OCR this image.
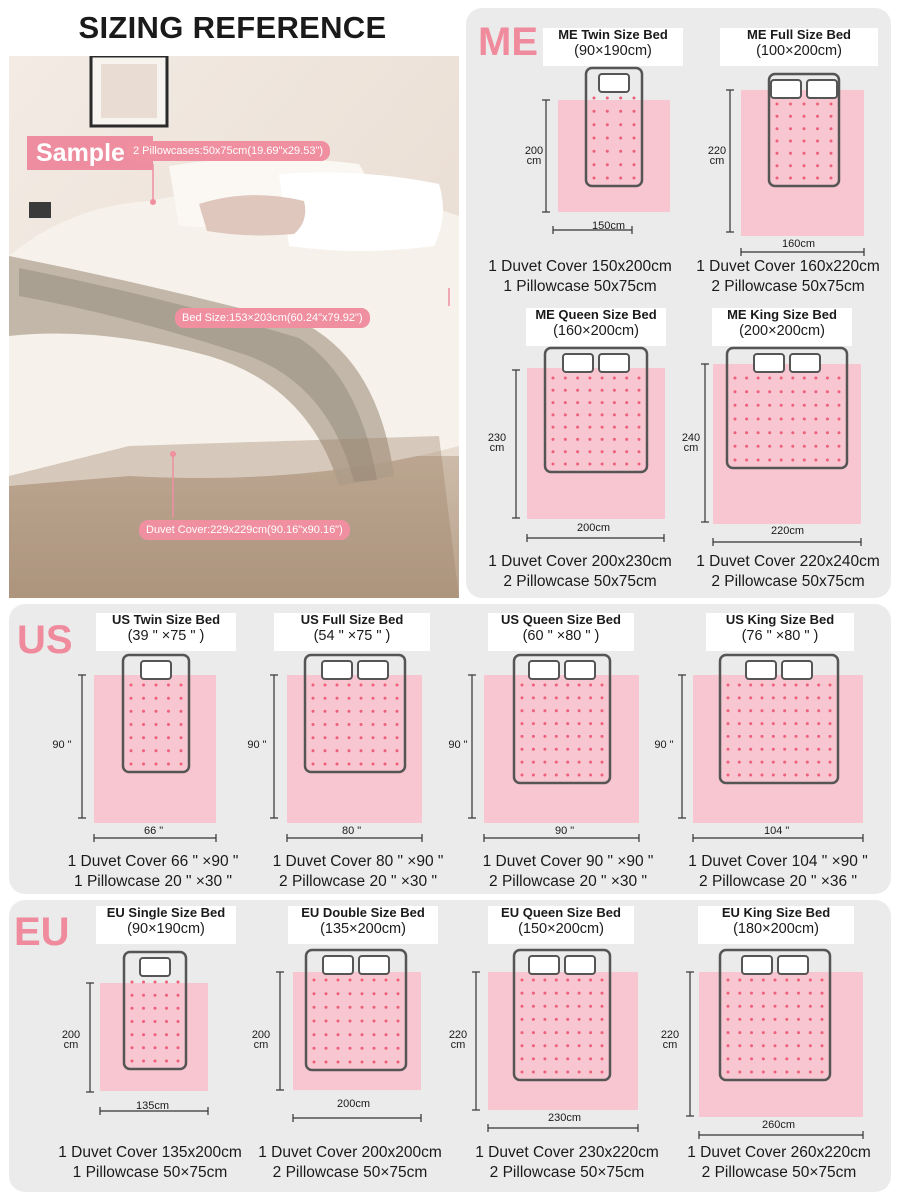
SIZING REFERENCE
Sample 2 Pillowcases:50x75cm(19.69"x29.53")
Bed Size:153×203cm(60.24"x79.92")
Duvet Cover:229x229cm(90.16"x90.16")
ME
US
EU
ME Twin Size Bed
(90×190cm)
200
cm
150cm
1 Duvet Cover 150x200cm
1 Pillowcase 50x75cm
ME Full Size Bed
(100×200cm)
220
cm
160cm
1 Duvet Cover 160x220cm
2 Pillowcase 50x75cm
ME Queen Size Bed
(160×200cm)
230
cm
200cm
1 Duvet Cover 200x230cm
2 Pillowcase 50x75cm
ME King Size Bed
(200×200cm)
240
cm
220cm
1 Duvet Cover 220x240cm
2 Pillowcase 50x75cm
US Twin Size Bed
(39 " ×75 " )
90 "
66 "
1 Duvet Cover 66 " ×90 "
1 Pillowcase 20 " ×30 "
US Full Size Bed
(54 " ×75 " )
90 "
80 "
1 Duvet Cover 80 " ×90 "
2 Pillowcase 20 " ×30 "
US Queen Size Bed
(60 " ×80 " )
90 "
90 "
1 Duvet Cover 90 " ×90 "
2 Pillowcase 20 " ×30 "
US King Size Bed
(76 " ×80 " )
90 "
104 "
1 Duvet Cover 104 " ×90 "
2 Pillowcase 20 " ×36 "
EU Single Size Bed
(90×190cm)
200
cm
135cm
1 Duvet Cover 135x200cm
1 Pillowcase 50×75cm
EU Double Size Bed
(135×200cm)
200
cm
200cm
1 Duvet Cover 200x200cm
2 Pillowcase 50×75cm
EU Queen Size Bed
(150×200cm)
220
cm
230cm
1 Duvet Cover 230x220cm
2 Pillowcase 50×75cm
EU King Size Bed
(180×200cm)
220
cm
260cm
1 Duvet Cover 260x220cm
2 Pillowcase 50×75cm
